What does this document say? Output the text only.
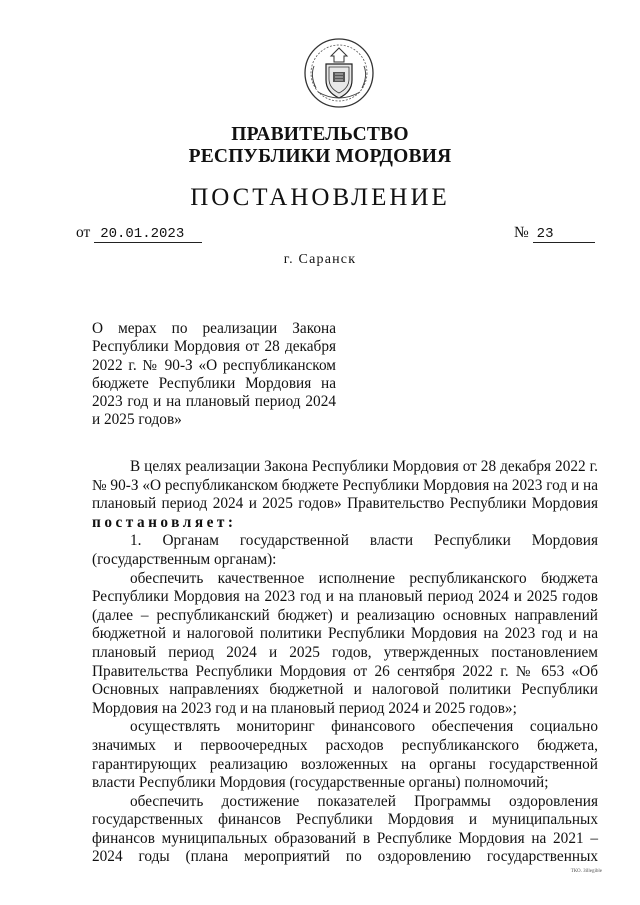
ПРАВИТЕЛЬСТВО
РЕСПУБЛИКИ МОРДОВИЯ
ПОСТАНОВЛЕНИЕ
от 20.01.2023	№ 23
г. Саранск
О мерах по реализации Закона Республики Мордовия от 28 декабря 2022 г. № 90-З «О республиканском бюджете Республики Мордовия на 2023 год и на плановый период 2024 и 2025 годов»

В целях реализации Закона Республики Мордовия от 28 декабря 2022 г. № 90-З «О республиканском бюджете Республики Мордовия на 2023 год и на плановый период 2024 и 2025 годов» Правительство Республики Мордовия постановляет:

1. Органам государственной власти Республики Мордовия (государственным органам):

обеспечить качественное исполнение республиканского бюджета Республики Мордовия на 2023 год и на плановый период 2024 и 2025 годов (далее – республиканский бюджет) и реализацию основных направлений бюджетной и налоговой политики Республики Мордовия на 2023 год и на плановый период 2024 и 2025 годов, утвержденных постановлением Правительства Республики Мордовия от 26 сентября 2022 г. № 653 «Об Основных направлениях бюджетной и налоговой политики Республики Мордовия на 2023 год и на плановый период 2024 и 2025 годов»;

осуществлять мониторинг финансового обеспечения социально значимых и первоочередных расходов республиканского бюджета, гарантирующих реализацию возложенных на органы государственной власти Республики Мордовия (государственные органы) полномочий;

обеспечить достижение показателей Программы оздоровления государственных финансов Республики Мордовия и муниципальных финансов муниципальных образований в Республике Мордовия на 2021 – 2024 годы (плана мероприятий по оздоровлению государственных

ТКО. Зillegible
